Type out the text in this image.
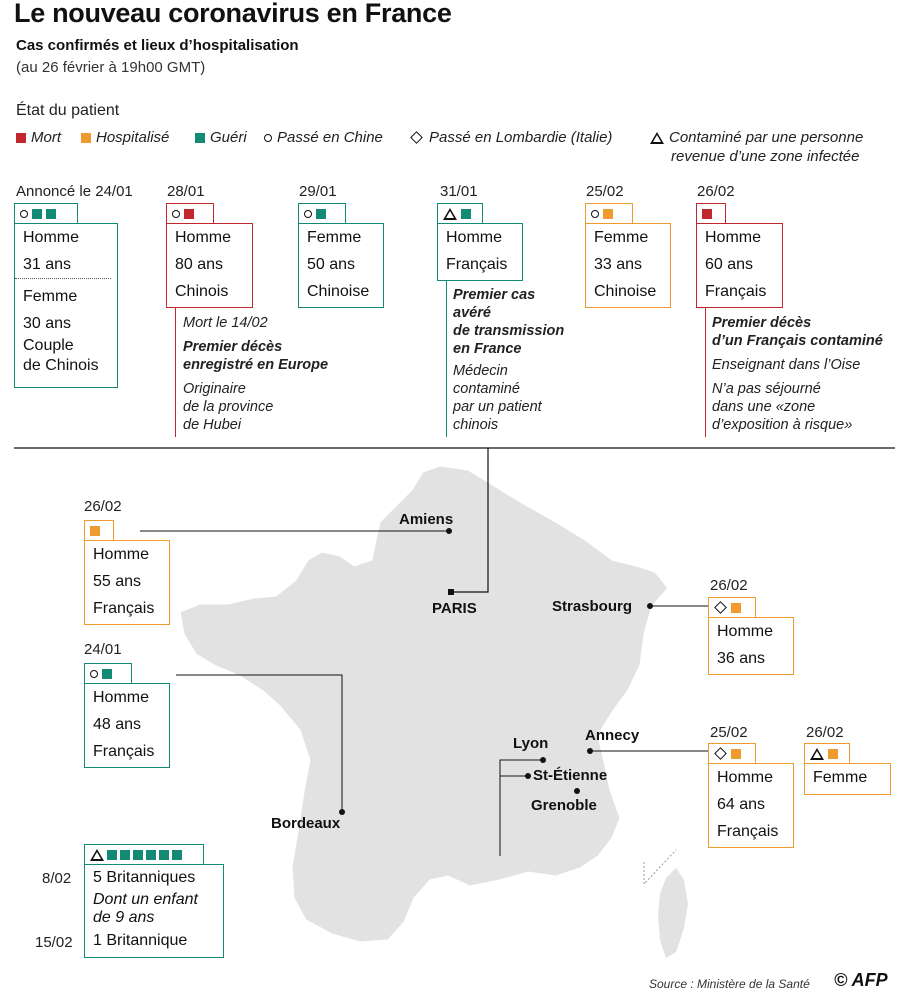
Le nouveau coronavirus en France
Cas confirmés et lieux d’hospitalisation
(au 26 février à 19h00 GMT)
État du patient
Mort Hospitalisé	Guéri Passé en Chine	Passé en Lombardie (Italie)	Contaminé par une personne
revenue d’une zone infectée
Annoncé le 24/01
Homme
31 ans
Femme
30 ans
Couple
de Chinois
28/01
Homme
80 ans
Chinois
Mort le 14/02
Premier décès
enregistré en Europe
Originaire
de la province
de Hubei
29/01
Femme
50 ans
Chinoise
31/01
Homme
Français
Premier cas
avéré
de transmission
en France
Médecin
contaminé
par un patient
chinois
25/02
Femme
33 ans
Chinoise
26/02
Homme
60 ans
Français
Premier décès
d’un Français contaminé
Enseignant dans l’Oise
N’a pas séjourné
dans une «zone
d’exposition à risque»
Amiens
PARIS	Strasbourg
Bordeaux
Lyon Annecy
St-Étienne
Grenoble
26/02
Homme
55 ans
Français
24/01
Homme
48 ans
Français
26/02
Homme
36 ans
25/02
Homme
64 ans
Français
26/02
Femme
5 Britanniques
Dont un enfant
de 9 ans
1 Britannique
8/02
15/02
Source : Ministère de la Santé © AFP
